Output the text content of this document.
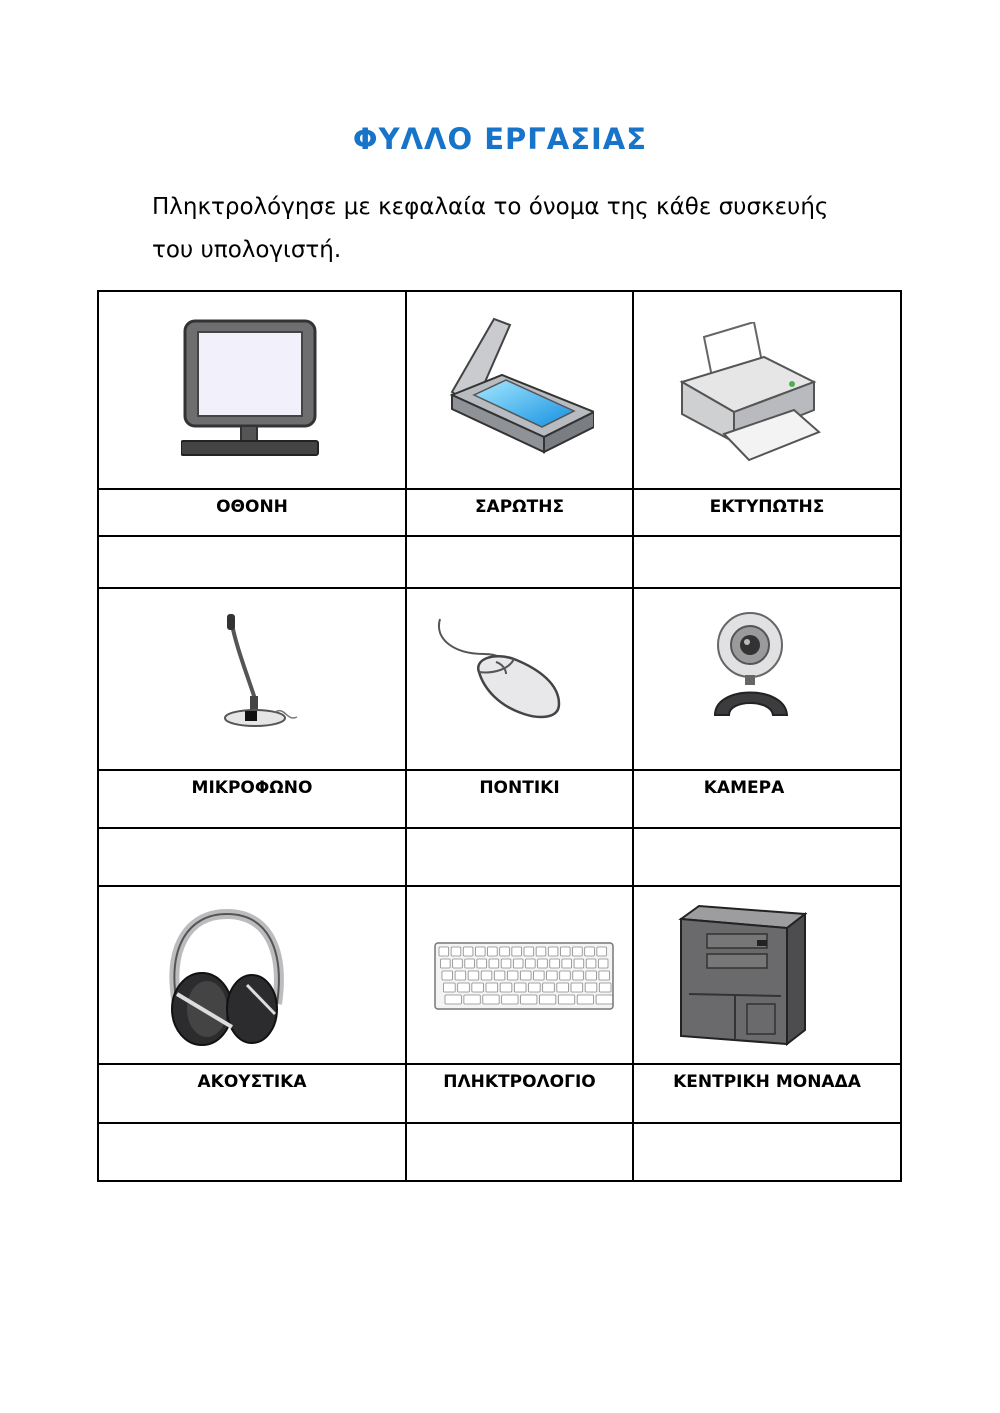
ΦΥΛΛΟ ΕΡΓΑΣΙΑΣ
Πληκτρολόγησε με κεφαλαία το όνομα της κάθε συσκευής
του υπολογιστή.
ΟΘΟΝΗ	ΣΑΡΩΤΗΣ	ΕΚΤΥΠΩΤΗΣ
ΜΙΚΡΟΦΩΝΟ	ΠΟΝΤΙΚΙ	ΚΑΜΕΡΑ
ΑΚΟΥΣΤΙΚΑ	ΠΛΗΚΤΡΟΛΟΓΙΟ	ΚΕΝΤΡΙΚΗ ΜΟΝΑΔΑ
